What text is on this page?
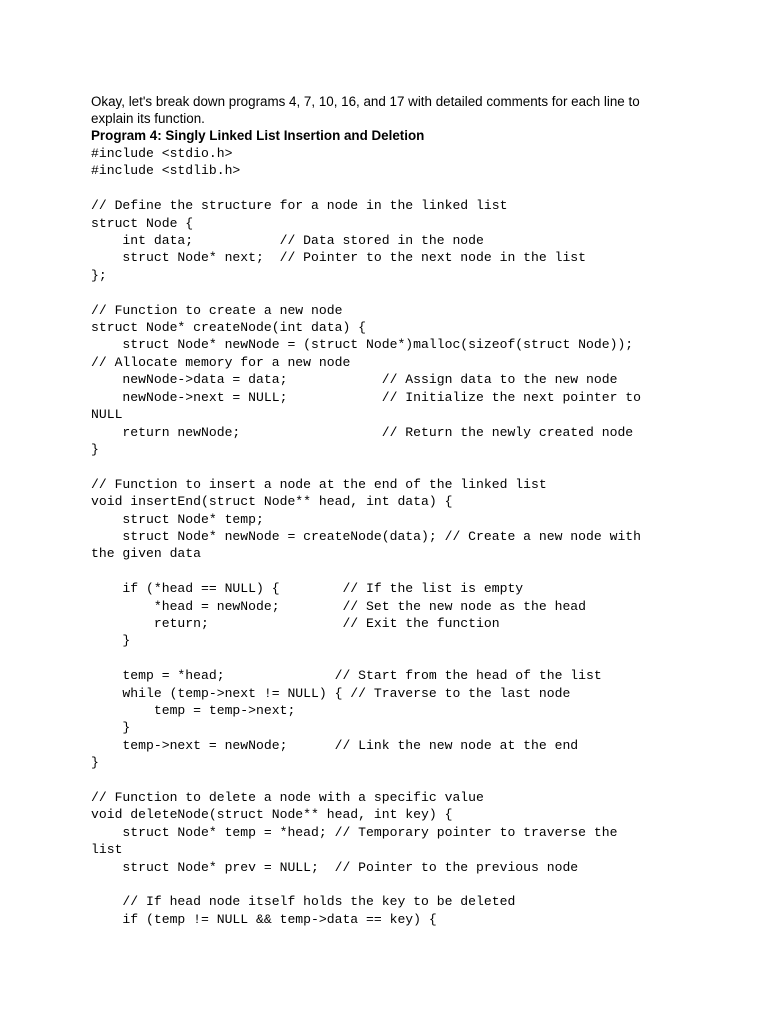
Okay, let's break down programs 4, 7, 10, 16, and 17 with detailed comments for each line to explain its function.

Program 4: Singly Linked List Insertion and Deletion

#include <stdio.h>
#include <stdlib.h>

// Define the structure for a node in the linked list
struct Node {
int data;           // Data stored in the node
struct Node* next;  // Pointer to the next node in the list
};

// Function to create a new node
struct Node* createNode(int data) {
struct Node* newNode = (struct Node*)malloc(sizeof(struct Node));
// Allocate memory for a new node
newNode->data = data;            // Assign data to the new node
newNode->next = NULL;            // Initialize the next pointer to
NULL
return newNode;                  // Return the newly created node
}

// Function to insert a node at the end of the linked list
void insertEnd(struct Node** head, int data) {
struct Node* temp;
struct Node* newNode = createNode(data); // Create a new node with
the given data

if (*head == NULL) {        // If the list is empty
*head = newNode;        // Set the new node as the head
return;                 // Exit the function
}

temp = *head;              // Start from the head of the list
while (temp->next != NULL) { // Traverse to the last node
temp = temp->next;
}
temp->next = newNode;      // Link the new node at the end
}

// Function to delete a node with a specific value
void deleteNode(struct Node** head, int key) {
struct Node* temp = *head; // Temporary pointer to traverse the
list
struct Node* prev = NULL;  // Pointer to the previous node

// If head node itself holds the key to be deleted
if (temp != NULL && temp->data == key) {
